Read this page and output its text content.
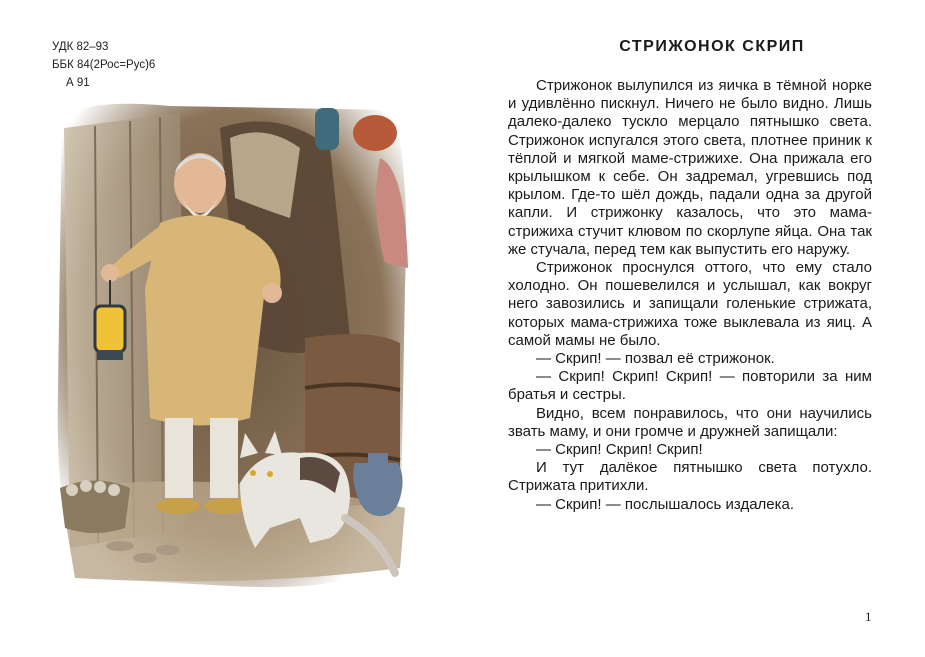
УДК 82–93
ББК 84(2Рос=Рус)6
А 91
СТРИЖОНОК СКРИП

Стрижонок вылупился из яичка в тёмной норке и удивлённо пискнул. Ничего не было видно. Лишь далеко-далеко тускло мерцало пятнышко света. Стрижонок испугался этого света, плотнее приник к тёплой и мягкой маме-стрижихе. Она прижала его крылышком к себе. Он задремал, угревшись под крылом. Где-то шёл дождь, падали одна за другой капли. И стрижонку казалось, что это мама-стрижиха стучит клювом по скорлупе яйца. Она так же стучала, перед тем как выпустить его наружу.

Стрижонок проснулся оттого, что ему стало холодно. Он пошевелился и услышал, как вокруг него завозились и запищали голенькие стрижата, которых мама-стрижиха тоже выклевала из яиц. А самой мамы не было.

— Скрип! — позвал её стрижонок.

— Скрип! Скрип! Скрип! — повторили за ним братья и сестры.

Видно, всем понравилось, что они научились звать маму, и они громче и дружней запищали:

— Скрип! Скрип! Скрип!

И тут далёкое пятнышко света потухло. Стрижата притихли.

— Скрип! — послышалось издалека.

1
